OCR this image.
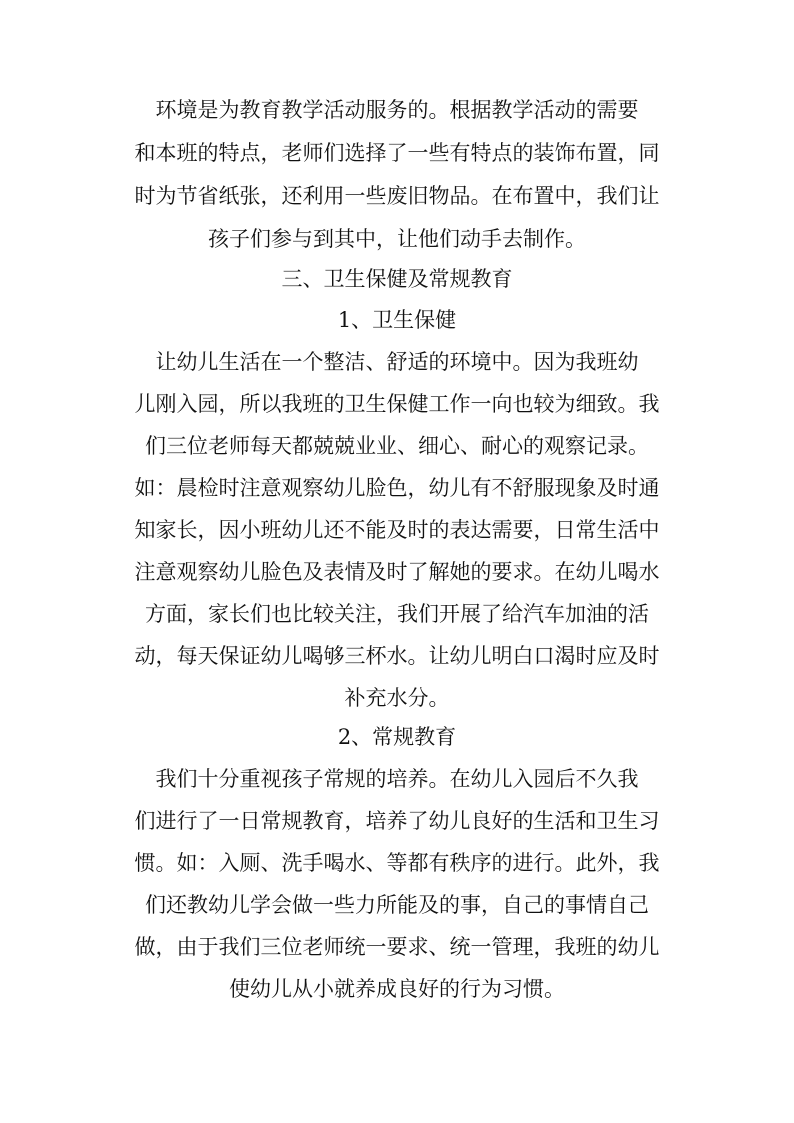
环境是为教育教学活动服务的。根据教学活动的需要
和本班的特点，老师们选择了一些有特点的装饰布置，同
时为节省纸张，还利用一些废旧物品。在布置中，我们让
孩子们参与到其中，让他们动手去制作。
三、卫生保健及常规教育
1、卫生保健
让幼儿生活在一个整洁、舒适的环境中。因为我班幼
儿刚入园，所以我班的卫生保健工作一向也较为细致。我
们三位老师每天都兢兢业业、细心、耐心的观察记录。
如：晨检时注意观察幼儿脸色，幼儿有不舒服现象及时通
知家长，因小班幼儿还不能及时的表达需要，日常生活中
注意观察幼儿脸色及表情及时了解她的要求。在幼儿喝水
方面，家长们也比较关注，我们开展了给汽车加油的活
动，每天保证幼儿喝够三杯水。让幼儿明白口渴时应及时
补充水分。
2、常规教育
我们十分重视孩子常规的培养。在幼儿入园后不久我
们进行了一日常规教育，培养了幼儿良好的生活和卫生习
惯。如：入厕、洗手喝水、等都有秩序的进行。此外，我
们还教幼儿学会做一些力所能及的事，自己的事情自己
做，由于我们三位老师统一要求、统一管理，我班的幼儿
使幼儿从小就养成良好的行为习惯。
